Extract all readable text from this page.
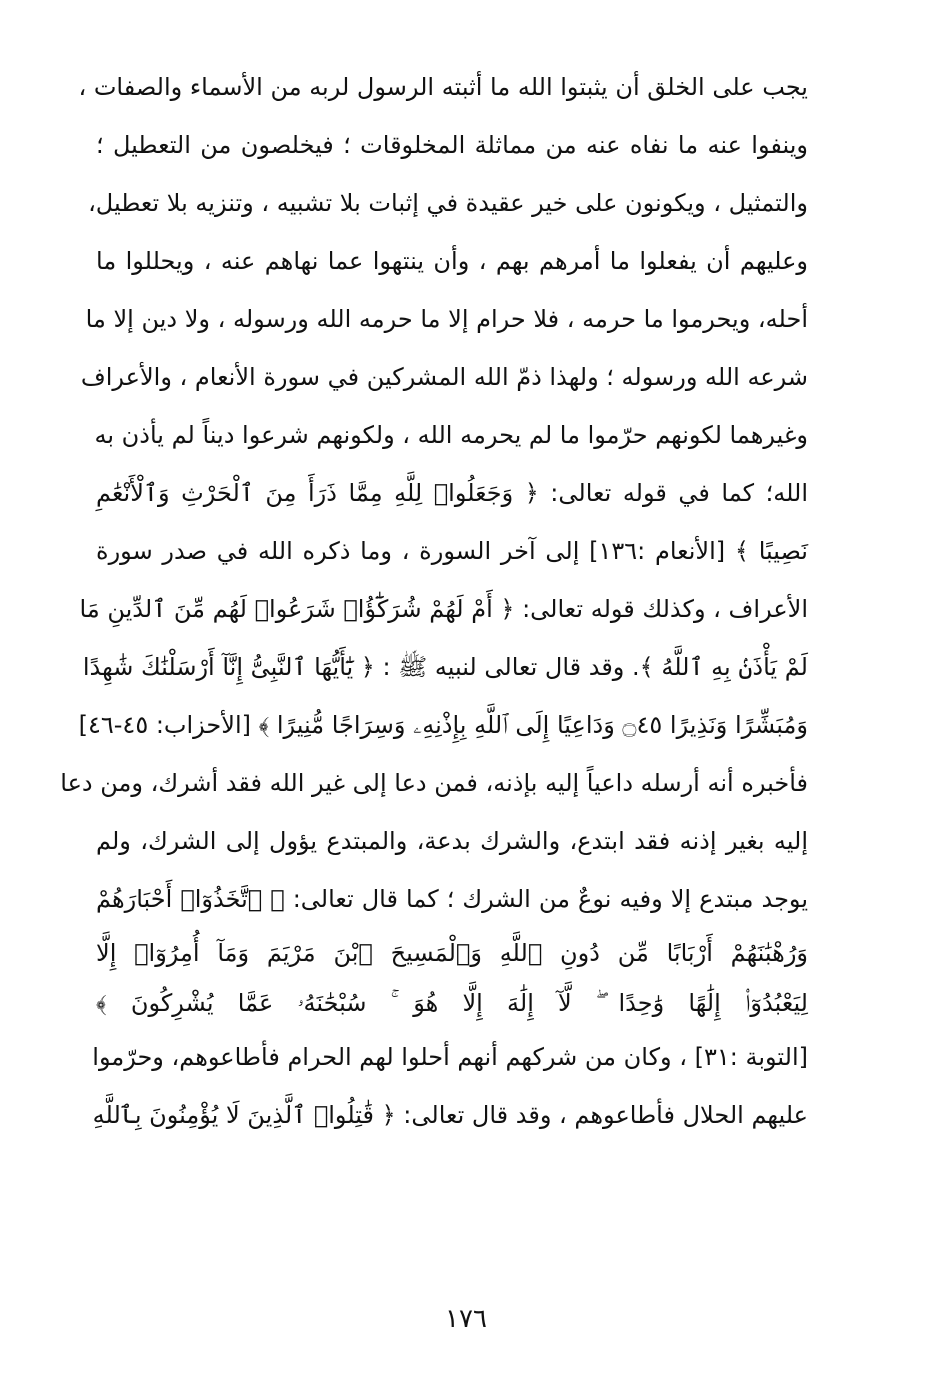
يجب على الخلق أن يثبتوا الله ما أثبته الرسول لربه من الأسماء والصفات ،
وينفوا عنه ما نفاه عنه من مماثلة المخلوقات ؛ فيخلصون من التعطيل ؛
والتمثيل ، ويكونون على خير عقيدة في إثبات بلا تشبيه ، وتنزيه بلا تعطيل،
وعليهم أن يفعلوا ما أمرهم بهم ، وأن ينتهوا عما نهاهم عنه ، ويحللوا ما
أحله، ويحرموا ما حرمه ، فلا حرام إلا ما حرمه الله ورسوله ، ولا دين إلا ما
شرعه الله ورسوله ؛ ولهذا ذمّ الله المشركين في سورة الأنعام ، والأعراف
وغيرهما لكونهم حرّموا ما لم يحرمه الله ، ولكونهم شرعوا ديناً لم يأذن به
الله؛ كما في قوله تعالى: ﴿ وَجَعَلُوا۟ لِلَّهِ مِمَّا ذَرَأَ مِنَ ٱلْحَرْثِ وَٱلْأَنْعَٰمِ
نَصِيبًا ﴾ [الأنعام :١٣٦] إلى آخر السورة ، وما ذكره الله في صدر سورة
الأعراف ، وكذلك قوله تعالى: ﴿ أَمْ لَهُمْ شُرَكَٰٓؤُا۟ شَرَعُوا۟ لَهُم مِّنَ ٱلدِّينِ مَا
لَمْ يَأْذَنۢ بِهِ ٱللَّهُ ﴾. وقد قال تعالى لنبيه ﷺ : ﴿ يَٰٓأَيُّهَا ٱلنَّبِىُّ إِنَّآ أَرْسَلْنَٰكَ شَٰهِدًا
وَمُبَشِّرًا وَنَذِيرًا ۝٤٥ وَدَاعِيًا إِلَى ٱللَّهِ بِإِذْنِهِۦ وَسِرَاجًا مُّنِيرًا ﴾ [الأحزاب: ٤٥-٤٦]
فأخبره أنه أرسله داعياً إليه بإذنه، فمن دعا إلى غير الله فقد أشرك، ومن دعا
إليه بغير إذنه فقد ابتدع، والشرك بدعة، والمبتدع يؤول إلى الشرك، ولم
يوجد مبتدع إلا وفيه نوعٌ من الشرك ؛ كما قال تعالى: ﴿ ٱتَّخَذُوٓا۟ أَحْبَارَهُمْ
وَرُهْبَٰنَهُمْ أَرْبَابًا مِّن دُونِ ٱللَّهِ وَٱلْمَسِيحَ ٱبْنَ مَرْيَمَ وَمَآ أُمِرُوٓا۟ إِلَّا
لِيَعْبُدُوٓا۟ إِلَٰهًا وَٰحِدًا ۖ لَّآ إِلَٰهَ إِلَّا هُوَ ۚ سُبْحَٰنَهُۥ عَمَّا يُشْرِكُونَ ﴾
[التوبة :٣١] ، وكان من شركهم أنهم أحلوا لهم الحرام فأطاعوهم، وحرّموا
عليهم الحلال فأطاعوهم ، وقد قال تعالى: ﴿ قَٰتِلُوا۟ ٱلَّذِينَ لَا يُؤْمِنُونَ بِٱللَّهِ
١٧٦
